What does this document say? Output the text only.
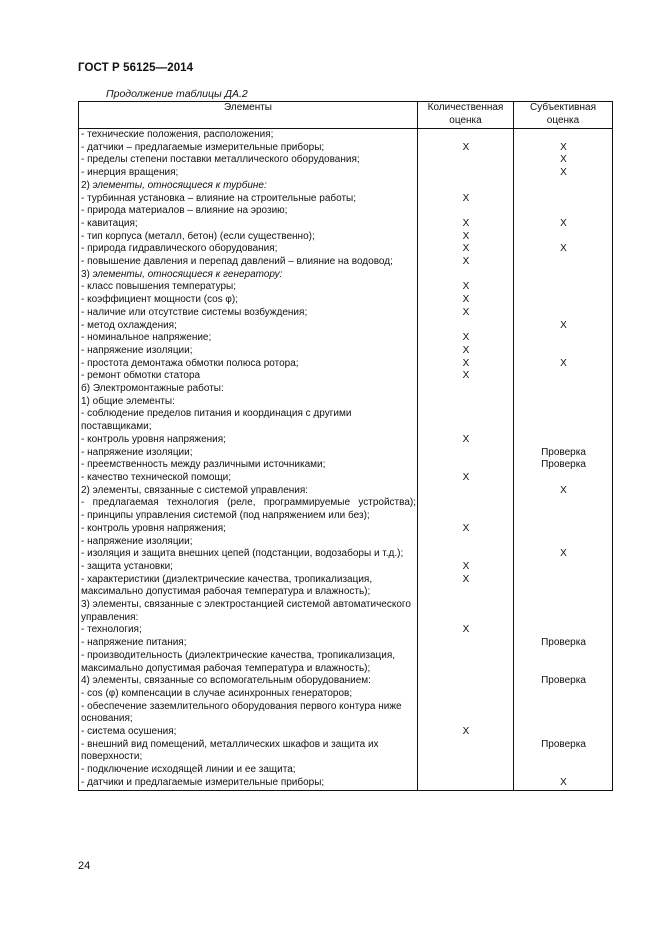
ГОСТ Р 56125—2014
Продолжение таблицы ДА.2
Элементы	Количественная оценка	Субъективная оценка
- технические положения, расположения;		
- датчики – предлагаемые измерительные приборы;	X	X
- пределы степени поставки металлического оборудования;		X
- инерция вращения;		X
2) элементы, относящиеся к турбине:		
- турбинная установка – влияние на строительные работы;	X	
- природа материалов – влияние на эрозию;		
- кавитация;	X	X
- тип корпуса (металл, бетон) (если существенно);	X	
- природа гидравлического оборудования;	X	X
- повышение давления и перепад давлений – влияние на водовод;	X	
3) элементы, относящиеся к генератору:		
- класс повышения температуры;	X	
- коэффициент мощности (cos φ);	X	
- наличие или отсутствие системы возбуждения;	X	
- метод охлаждения;		X
- номинальное напряжение;	X	
- напряжение изоляции;	X	
- простота демонтажа обмотки полюса ротора;	X	X
- ремонт обмотки статора	X	
б) Электромонтажные работы:		
1) общие элементы:		
- соблюдение пределов питания и координация с другими поставщиками;		
- контроль уровня напряжения;	X	
- напряжение изоляции;		Проверка
- преемственность между различными источниками;		Проверка
- качество технической помощи;	X	
2) элементы, связанные с системой управления:		X
- предлагаемая технология (реле, программируемые устройства);		
- принципы управления системой (под напряжением или без);		
- контроль уровня напряжения;	X	
- напряжение изоляции;		
- изоляция и защита внешних цепей (подстанции, водозаборы и т.д.);		X
- защита установки;	X	
- характеристики (диэлектрические качества, тропикализация, максимально допустимая рабочая температура и влажность);	X	
3) элементы, связанные с электростанцией системой автоматического управления:		
- технология;	X	
- напряжение питания;		Проверка
- производительность (диэлектрические качества, тропикализация, максимально допустимая рабочая температура и влажность);		
4) элементы, связанные со вспомогательным оборудованием:		Проверка
- cos (φ) компенсации в случае асинхронных генераторов;		
- обеспечение заземлительного оборудования первого контура ниже основания;		
- система осушения;	X	
- внешний вид помещений, металлических шкафов и защита их поверхности;		Проверка
- подключение исходящей линии и ее защита;		
- датчики и предлагаемые измерительные приборы;		X
24
